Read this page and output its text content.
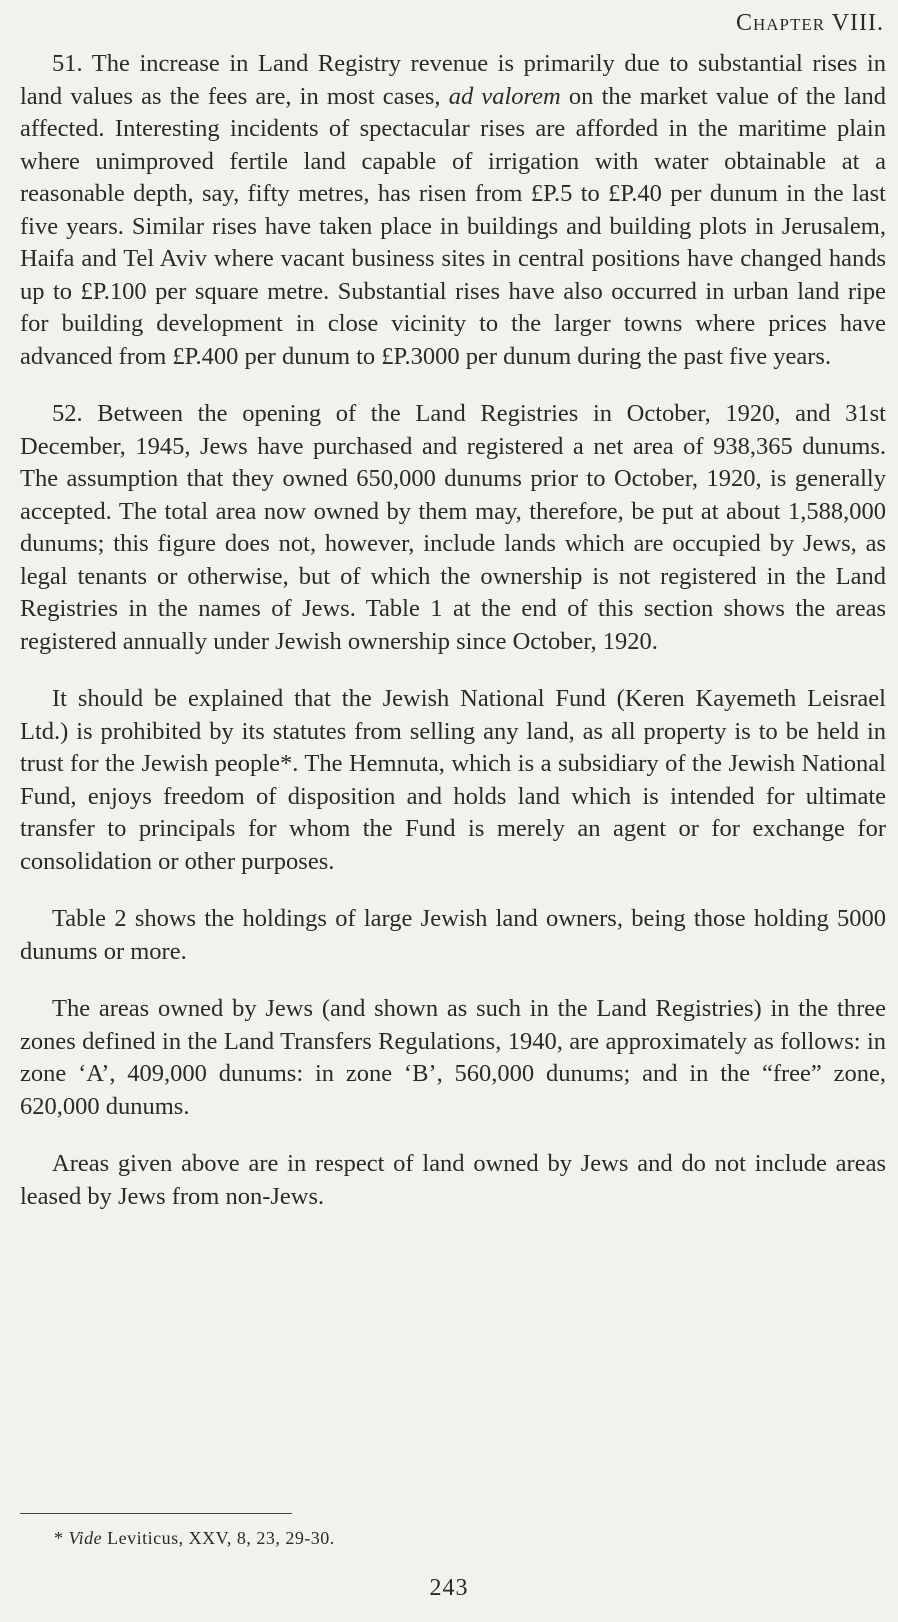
Chapter VIII.

51. The increase in Land Registry revenue is primarily due to substantial rises in land values as the fees are, in most cases, ad valorem on the market value of the land affected. Interesting incidents of spectacular rises are afforded in the maritime plain where unimproved fertile land capable of irrigation with water obtainable at a reasonable depth, say, fifty metres, has risen from £P.5 to £P.40 per dunum in the last five years. Similar rises have taken place in buildings and building plots in Jerusalem, Haifa and Tel Aviv where vacant business sites in central positions have changed hands up to £P.100 per square metre. Substantial rises have also occurred in urban land ripe for building development in close vicinity to the larger towns where prices have advanced from £P.400 per dunum to £P.3000 per dunum during the past five years.

52. Between the opening of the Land Registries in October, 1920, and 31st December, 1945, Jews have purchased and registered a net area of 938,365 dunums. The assumption that they owned 650,000 dunums prior to October, 1920, is generally accepted. The total area now owned by them may, therefore, be put at about 1,588,000 dunums; this figure does not, however, include lands which are occupied by Jews, as legal tenants or otherwise, but of which the ownership is not registered in the Land Registries in the names of Jews. Table 1 at the end of this section shows the areas registered annually under Jewish ownership since October, 1920.

It should be explained that the Jewish National Fund (Keren Kayemeth Leisrael Ltd.) is prohibited by its statutes from selling any land, as all property is to be held in trust for the Jewish people*. The Hemnuta, which is a subsidiary of the Jewish National Fund, enjoys freedom of disposition and holds land which is intended for ultimate transfer to principals for whom the Fund is merely an agent or for exchange for consolidation or other purposes.

Table 2 shows the holdings of large Jewish land owners, being those holding 5000 dunums or more.

The areas owned by Jews (and shown as such in the Land Registries) in the three zones defined in the Land Transfers Regulations, 1940, are approximately as follows: in zone ‘A’, 409,000 dunums: in zone ‘B’, 560,000 dunums; and in the “free” zone, 620,000 dunums.

Areas given above are in respect of land owned by Jews and do not include areas leased by Jews from non-Jews.

* Vide Leviticus, XXV, 8, 23, 29-30.
243
